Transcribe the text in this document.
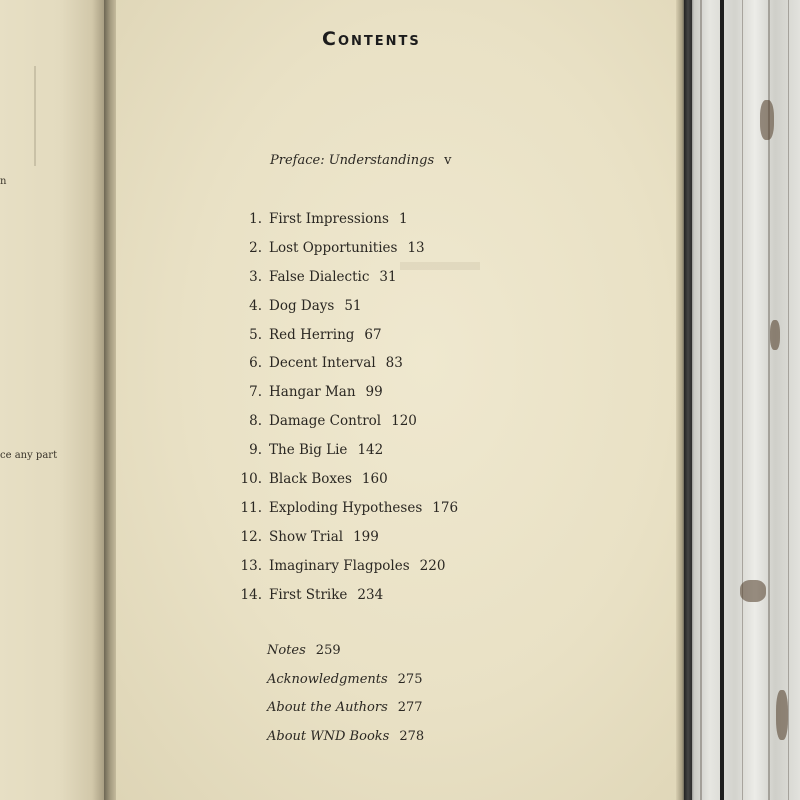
n
ce any part
Contents
Preface: Understandings v
1. First Impressions 1
2. Lost Opportunities 13
3. False Dialectic 31
4. Dog Days 51
5. Red Herring 67
6. Decent Interval 83
7. Hangar Man 99
8. Damage Control 120
9. The Big Lie 142
10. Black Boxes 160
11. Exploding Hypotheses 176
12. Show Trial 199
13. Imaginary Flagpoles 220
14. First Strike 234
Notes 259
Acknowledgments 275
About the Authors 277
About WND Books 278
